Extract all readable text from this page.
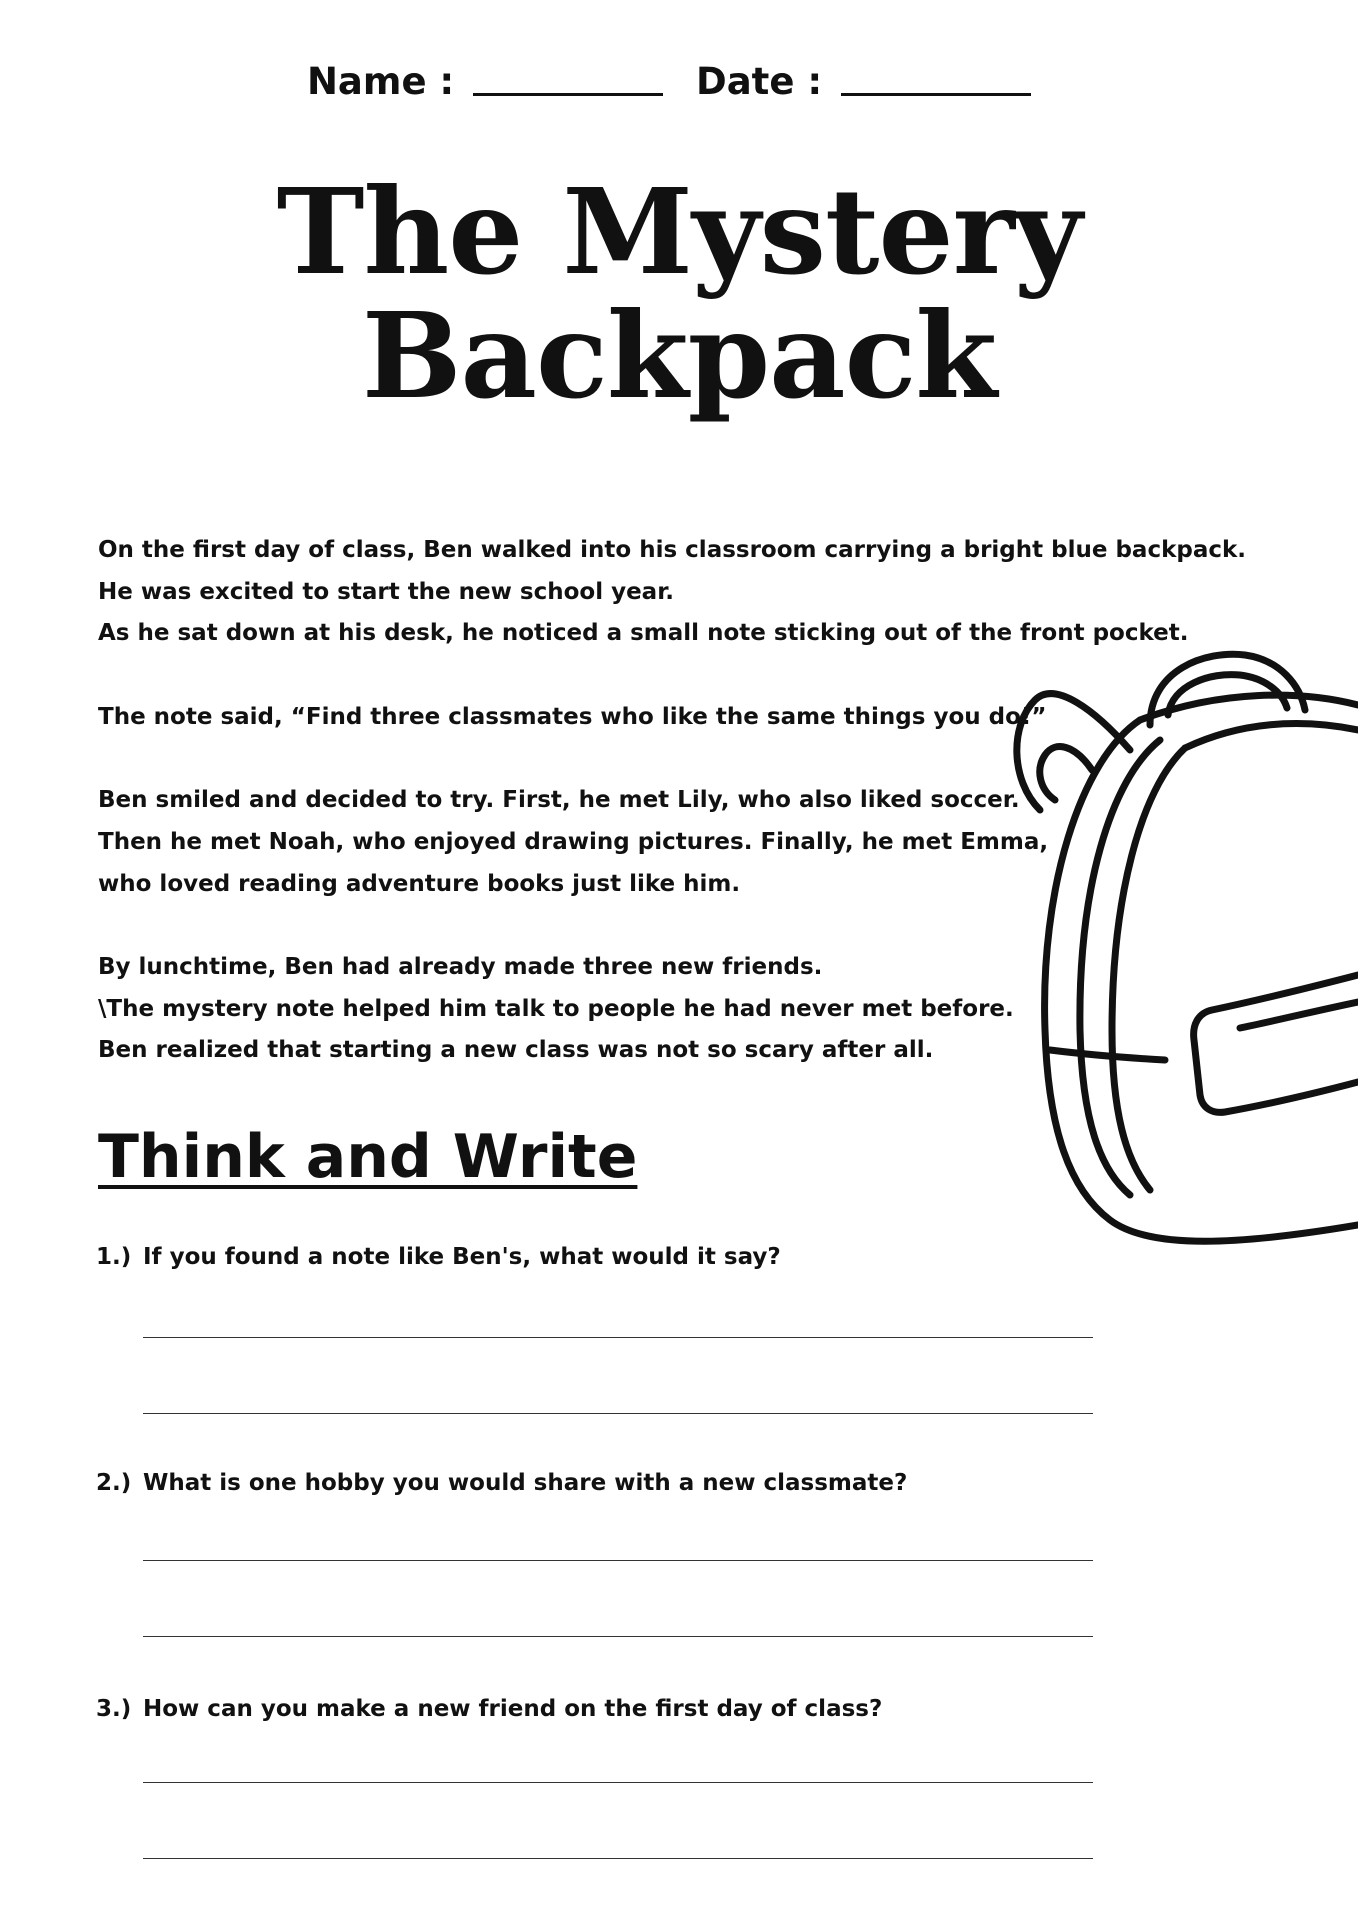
Name :	Date :
The Mystery
Backpack

On the first day of class, Ben walked into his classroom carrying a bright blue backpack.
He was excited to start the new school year.
As he sat down at his desk, he noticed a small note sticking out of the front pocket.

The note said, “Find three classmates who like the same things you do!”

Ben smiled and decided to try. First, he met Lily, who also liked soccer.
Then he met Noah, who enjoyed drawing pictures. Finally, he met Emma,
who loved reading adventure books just like him.

By lunchtime, Ben had already made three new friends.
\The mystery note helped him talk to people he had never met before.
Ben realized that starting a new class was not so scary after all.

Think and Write
1.) If you found a note like Ben's, what would it say?
2.) What is one hobby you would share with a new classmate?
3.) How can you make a new friend on the first day of class?
